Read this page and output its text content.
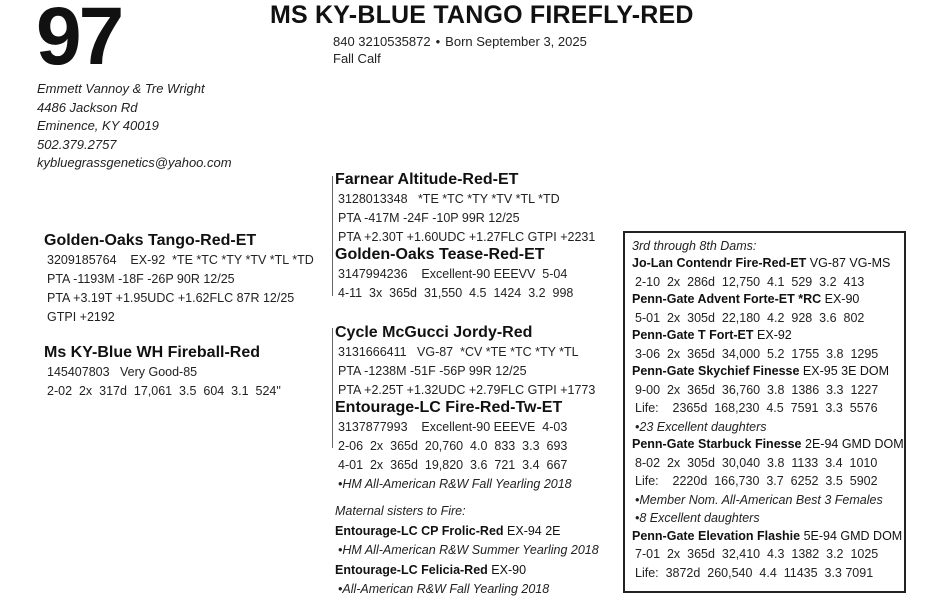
97	MS KY-BLUE TANGO FIREFLY-RED
840 3210535872 • Born September 3, 2025
Fall Calf
Emmett Vannoy & Tre Wright
4486 Jackson Rd
Eminence, KY 40019
502.379.2757
kybluegrassgenetics@yahoo.com
Golden-Oaks Tango-Red-ET
3209185764    EX-92  *TE *TC *TY *TV *TL *TD
PTA -1193M -18F -26P 90R 12/25
PTA +3.19T +1.95UDC +1.62FLC 87R 12/25
GTPI +2192
Farnear Altitude-Red-ET
3128013348   *TE *TC *TY *TV *TL *TD
PTA -417M -24F -10P 99R 12/25
PTA +2.30T +1.60UDC +1.27FLC GTPI +2231
Golden-Oaks Tease-Red-ET
3147994236    Excellent-90 EEEVV  5-04
4-11  3x  365d  31,550  4.5  1424  3.2  998
Ms KY-Blue WH Fireball-Red
145407803   Very Good-85
2-02  2x  317d  17,061  3.5  604  3.1  524"
Cycle McGucci Jordy-Red
3131666411   VG-87  *CV *TE *TC *TY *TL
PTA -1238M -51F -56P 99R 12/25
PTA +2.25T +1.32UDC +2.79FLC GTPI +1773
Entourage-LC Fire-Red-Tw-ET
3137877993    Excellent-90 EEEVE  4-03
2-06  2x  365d  20,760  4.0  833  3.3  693
4-01  2x  365d  19,820  3.6  721  3.4  667
•HM All-American R&W Fall Yearling 2018
Maternal sisters to Fire:
Entourage-LC CP Frolic-Red EX-94 2E
•HM All-American R&W Summer Yearling 2018
Entourage-LC Felicia-Red EX-90
•All-American R&W Fall Yearling 2018
3rd through 8th Dams:
Jo-Lan Contendr Fire-Red-ET VG-87 VG-MS
2-10  2x  286d  12,750  4.1  529  3.2  413
Penn-Gate Advent Forte-ET *RC EX-90
5-01  2x  305d  22,180  4.2  928  3.6  802
Penn-Gate T Fort-ET EX-92
3-06  2x  365d  34,000  5.2  1755  3.8  1295
Penn-Gate Skychief Finesse EX-95 3E DOM
9-00  2x  365d  36,760  3.8  1386  3.3  1227
Life:    2365d  168,230  4.5  7591  3.3  5576
•23 Excellent daughters
Penn-Gate Starbuck Finesse 2E-94 GMD DOM
8-02  2x  305d  30,040  3.8  1133  3.4  1010
Life:    2220d  166,730  3.7  6252  3.5  5902
•Member Nom. All-American Best 3 Females
•8 Excellent daughters
Penn-Gate Elevation Flashie 5E-94 GMD DOM
7-01  2x  365d  32,410  4.3  1382  3.2  1025
Life:  3872d  260,540  4.4  11435  3.3 7091
